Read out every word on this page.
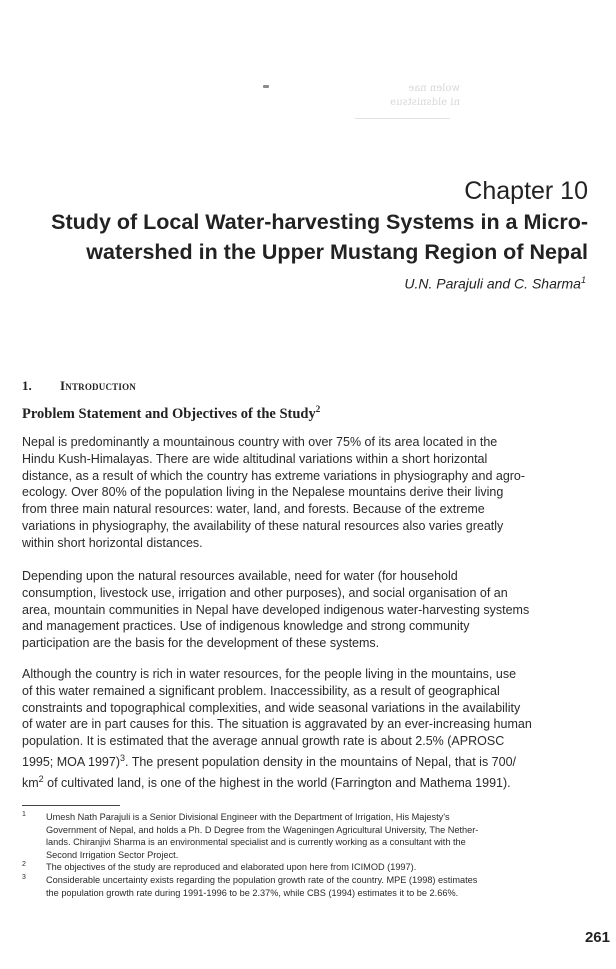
wolen nae
ni ɘldsnistsuɘ
Chapter 10
Study of Local Water-harvesting Systems in a Micro-
watershed in the Upper Mustang Region of Nepal
U.N. Parajuli and C. Sharma$^1$
1. Introduction
Problem Statement and Objectives of the Study$^2$
Nepal is predominantly a mountainous country with over 75% of its area located in the
Hindu Kush-Himalayas. There are wide altitudinal variations within a short horizontal
distance, as a result of which the country has extreme variations in physiography and agro-
ecology. Over 80% of the population living in the Nepalese mountains derive their living
from three main natural resources: water, land, and forests. Because of the extreme
variations in physiography, the availability of these natural resources also varies greatly
within short horizontal distances.
Depending upon the natural resources available, need for water (for household
consumption, livestock use, irrigation and other purposes), and social organisation of an
area, mountain communities in Nepal have developed indigenous water-harvesting systems
and management practices. Use of indigenous knowledge and strong community
participation are the basis for the development of these systems.
Although the country is rich in water resources, for the people living in the mountains, use
of this water remained a significant problem. Inaccessibility, as a result of geographical
constraints and topographical complexities, and wide seasonal variations in the availability
of water are in part causes for this. The situation is aggravated by an ever-increasing human
population. It is estimated that the average annual growth rate is about 2.5% (APROSC
1995; MOA 1997)$^3$. The present population density in the mountains of Nepal, that is 700/
$km^2$ of cultivated land, is one of the highest in the world (Farrington and Mathema 1991).
1 Umesh Nath Parajuli is a Senior Divisional Engineer with the Department of Irrigation, His Majesty's
Government of Nepal, and holds a Ph. D Degree from the Wageningen Agricultural University, The Nether-
lands. Chiranjivi Sharma is an environmental specialist and is currently working as a consultant with the
Second Irrigation Sector Project.
2 The objectives of the study are reproduced and elaborated upon here from ICIMOD (1997).
3 Considerable uncertainty exists regarding the population growth rate of the country. MPE (1998) estimates
the population growth rate during 1991-1996 to be 2.37%, while CBS (1994) estimates it to be 2.66%.
261
